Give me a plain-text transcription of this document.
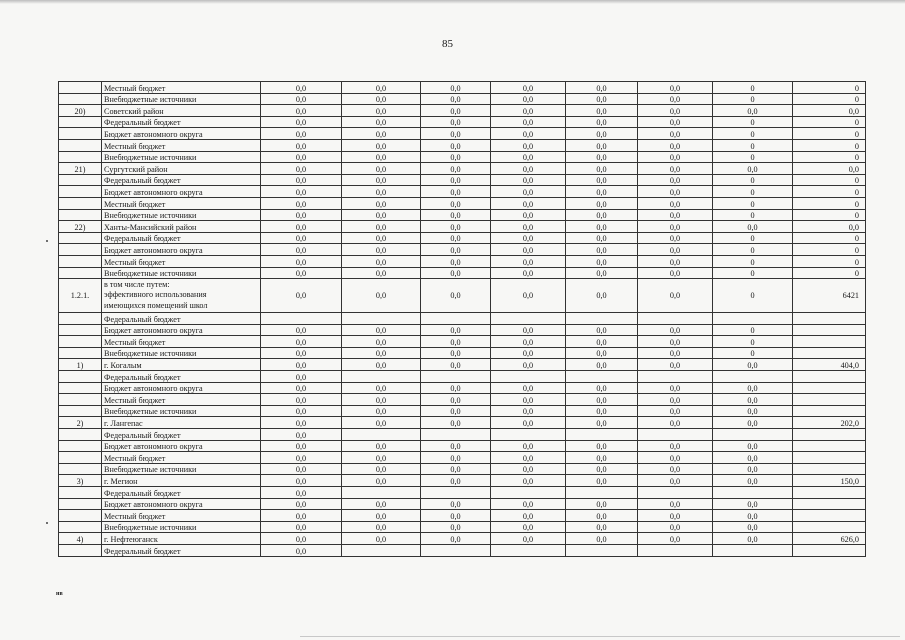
85
	Местный бюджет	0,0	0,0	0,0	0,0	0,0	0,0	0	0
	Внебюджетные источники	0,0	0,0	0,0	0,0	0,0	0,0	0	0
20)	Советский район	0,0	0,0	0,0	0,0	0,0	0,0	0,0	0,0
	Федеральный бюджет	0,0	0,0	0,0	0,0	0,0	0,0	0	0
	Бюджет автономного округа	0,0	0,0	0,0	0,0	0,0	0,0	0	0
	Местный бюджет	0,0	0,0	0,0	0,0	0,0	0,0	0	0
	Внебюджетные источники	0,0	0,0	0,0	0,0	0,0	0,0	0	0
21)	Сургутский район	0,0	0,0	0,0	0,0	0,0	0,0	0,0	0,0
	Федеральный бюджет	0,0	0,0	0,0	0,0	0,0	0,0	0	0
	Бюджет автономного округа	0,0	0,0	0,0	0,0	0,0	0,0	0	0
	Местный бюджет	0,0	0,0	0,0	0,0	0,0	0,0	0	0
	Внебюджетные источники	0,0	0,0	0,0	0,0	0,0	0,0	0	0
22)	Ханты-Мансийский район	0,0	0,0	0,0	0,0	0,0	0,0	0,0	0,0
	Федеральный бюджет	0,0	0,0	0,0	0,0	0,0	0,0	0	0
	Бюджет автономного округа	0,0	0,0	0,0	0,0	0,0	0,0	0	0
	Местный бюджет	0,0	0,0	0,0	0,0	0,0	0,0	0	0
	Внебюджетные источники	0,0	0,0	0,0	0,0	0,0	0,0	0	0
1.2.1.	в том числе путем:
эффективного использования
имеющихся помещений школ	0,0	0,0	0,0	0,0	0,0	0,0	0	6421
	Федеральный бюджет								
	Бюджет автономного округа	0,0	0,0	0,0	0,0	0,0	0,0	0	
	Местный бюджет	0,0	0,0	0,0	0,0	0,0	0,0	0	
	Внебюджетные источники	0,0	0,0	0,0	0,0	0,0	0,0	0	
1)	г. Когалым	0,0	0,0	0,0	0,0	0,0	0,0	0,0	404,0
	Федеральный бюджет	0,0							
	Бюджет автономного округа	0,0	0,0	0,0	0,0	0,0	0,0	0,0	
	Местный бюджет	0,0	0,0	0,0	0,0	0,0	0,0	0,0	
	Внебюджетные источники	0,0	0,0	0,0	0,0	0,0	0,0	0,0	
2)	г. Лангепас	0,0	0,0	0,0	0,0	0,0	0,0	0,0	202,0
	Федеральный бюджет	0,0							
	Бюджет автономного округа	0,0	0,0	0,0	0,0	0,0	0,0	0,0	
	Местный бюджет	0,0	0,0	0,0	0,0	0,0	0,0	0,0	
	Внебюджетные источники	0,0	0,0	0,0	0,0	0,0	0,0	0,0	
3)	г. Мегион	0,0	0,0	0,0	0,0	0,0	0,0	0,0	150,0
	Федеральный бюджет	0,0							
	Бюджет автономного округа	0,0	0,0	0,0	0,0	0,0	0,0	0,0	
	Местный бюджет	0,0	0,0	0,0	0,0	0,0	0,0	0,0	
	Внебюджетные источники	0,0	0,0	0,0	0,0	0,0	0,0	0,0	
4)	г. Нефтеюганск	0,0	0,0	0,0	0,0	0,0	0,0	0,0	626,0
	Федеральный бюджет	0,0							
нв
